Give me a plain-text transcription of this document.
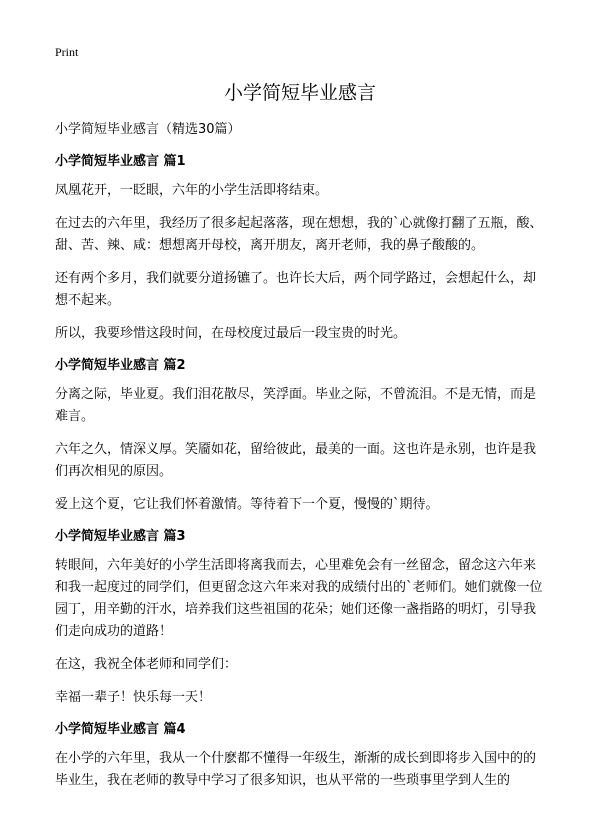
Print
小学简短毕业感言

小学简短毕业感言（精选30篇）

小学简短毕业感言 篇1

凤凰花开，一眨眼，六年的小学生活即将结束。

在过去的六年里，我经历了很多起起落落，现在想想，我的`心就像打翻了五瓶，酸、甜、苦、辣、咸：想想离开母校，离开朋友，离开老师，我的鼻子酸酸的。

还有两个多月，我们就要分道扬镳了。也许长大后，两个同学路过，会想起什么，却想不起来。

所以，我要珍惜这段时间，在母校度过最后一段宝贵的时光。

小学简短毕业感言 篇2

分离之际，毕业夏。我们泪花散尽，笑浮面。毕业之际，不曾流泪。不是无情，而是难言。

六年之久，情深义厚。笑靥如花，留给彼此，最美的一面。这也许是永别，也许是我们再次相见的原因。

爱上这个夏，它让我们怀着激情。等待着下一个夏，慢慢的`期待。

小学简短毕业感言 篇3

转眼间，六年美好的小学生活即将离我而去，心里难免会有一丝留念，留念这六年来和我一起度过的同学们，但更留念这六年来对我的成绩付出的`老师们。她们就像一位园丁，用辛勤的汗水，培养我们这些祖国的花朵；她们还像一盏指路的明灯，引导我们走向成功的道路！

在这，我祝全体老师和同学们：

幸福一辈子！快乐每一天！

小学简短毕业感言 篇4

在小学的六年里，我从一个什麽都不懂得一年级生，渐渐的成长到即将步入国中的的毕业生，我在老师的教导中学习了很多知识，也从平常的一些琐事里学到人生的
